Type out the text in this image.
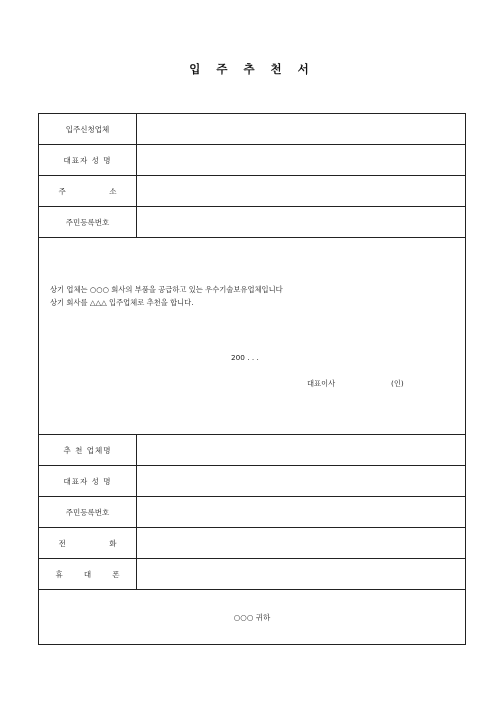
입 주 추 천 서
입주신청업체
대표자 성 명
주	소
주민등록번호
상기 업체는 ○○○ 회사의 부품을 공급하고 있는 우수기술보유업체입니다
상기 회사를 △△△ 입주업체로 추천을 합니다.
200 . . .
대표이사	(인)
추 천 업체명
대표자 성 명
주민등록번호
전	화
휴	대	폰
○○○ 귀하
